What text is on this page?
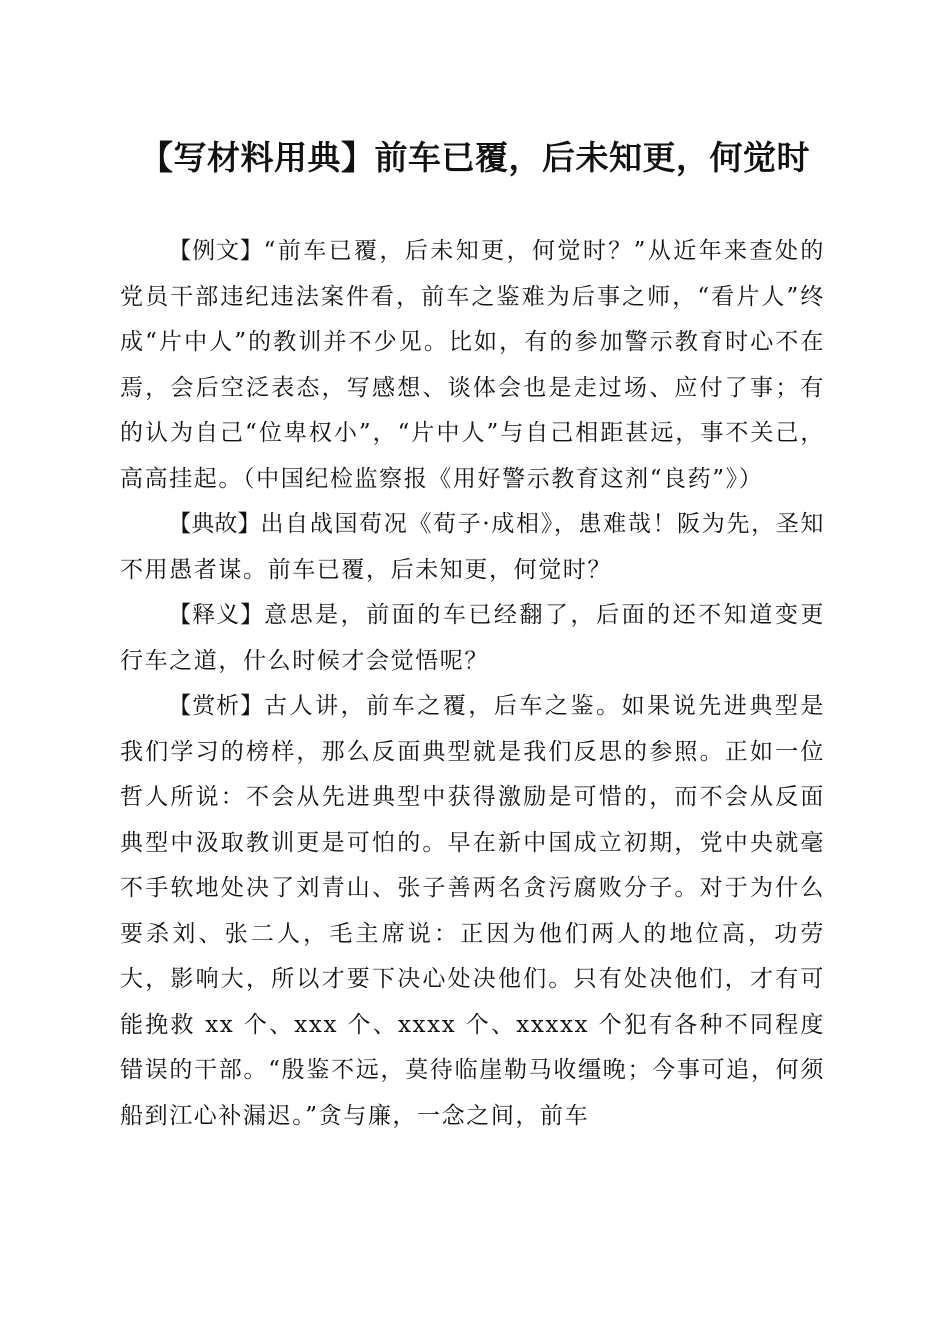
【写材料用典】前车已覆，后未知更，何觉时

【例文】“前车已覆，后未知更，何觉时？”从近年来查处的党员干部违纪违法案件看，前车之鉴难为后事之师，“看片人”终成“片中人”的教训并不少见。比如，有的参加警示教育时心不在焉，会后空泛表态，写感想、谈体会也是走过场、应付了事；有的认为自己“位卑权小”，“片中人”与自己相距甚远，事不关己，高高挂起。（中国纪检监察报《用好警示教育这剂“良药”》）

【典故】出自战国荀况《荀子·成相》，患难哉！阪为先，圣知不用愚者谋。前车已覆，后未知更，何觉时？

【释义】意思是，前面的车已经翻了，后面的还不知道变更行车之道，什么时候才会觉悟呢？

【赏析】古人讲，前车之覆，后车之鉴。如果说先进典型是我们学习的榜样，那么反面典型就是我们反思的参照。正如一位哲人所说：不会从先进典型中获得激励是可惜的，而不会从反面典型中汲取教训更是可怕的。早在新中国成立初期，党中央就毫不手软地处决了刘青山、张子善两名贪污腐败分子。对于为什么要杀刘、张二人，毛主席说：正因为他们两人的地位高，功劳大，影响大，所以才要下决心处决他们。只有处决他们，才有可能挽救 xx 个、xxx 个、xxxx 个、xxxxx 个犯有各种不同程度错误的干部。“殷鉴不远，莫待临崖勒马收缰晚；今事可追，何须船到江心补漏迟。”贪与廉，一念之间，前车
